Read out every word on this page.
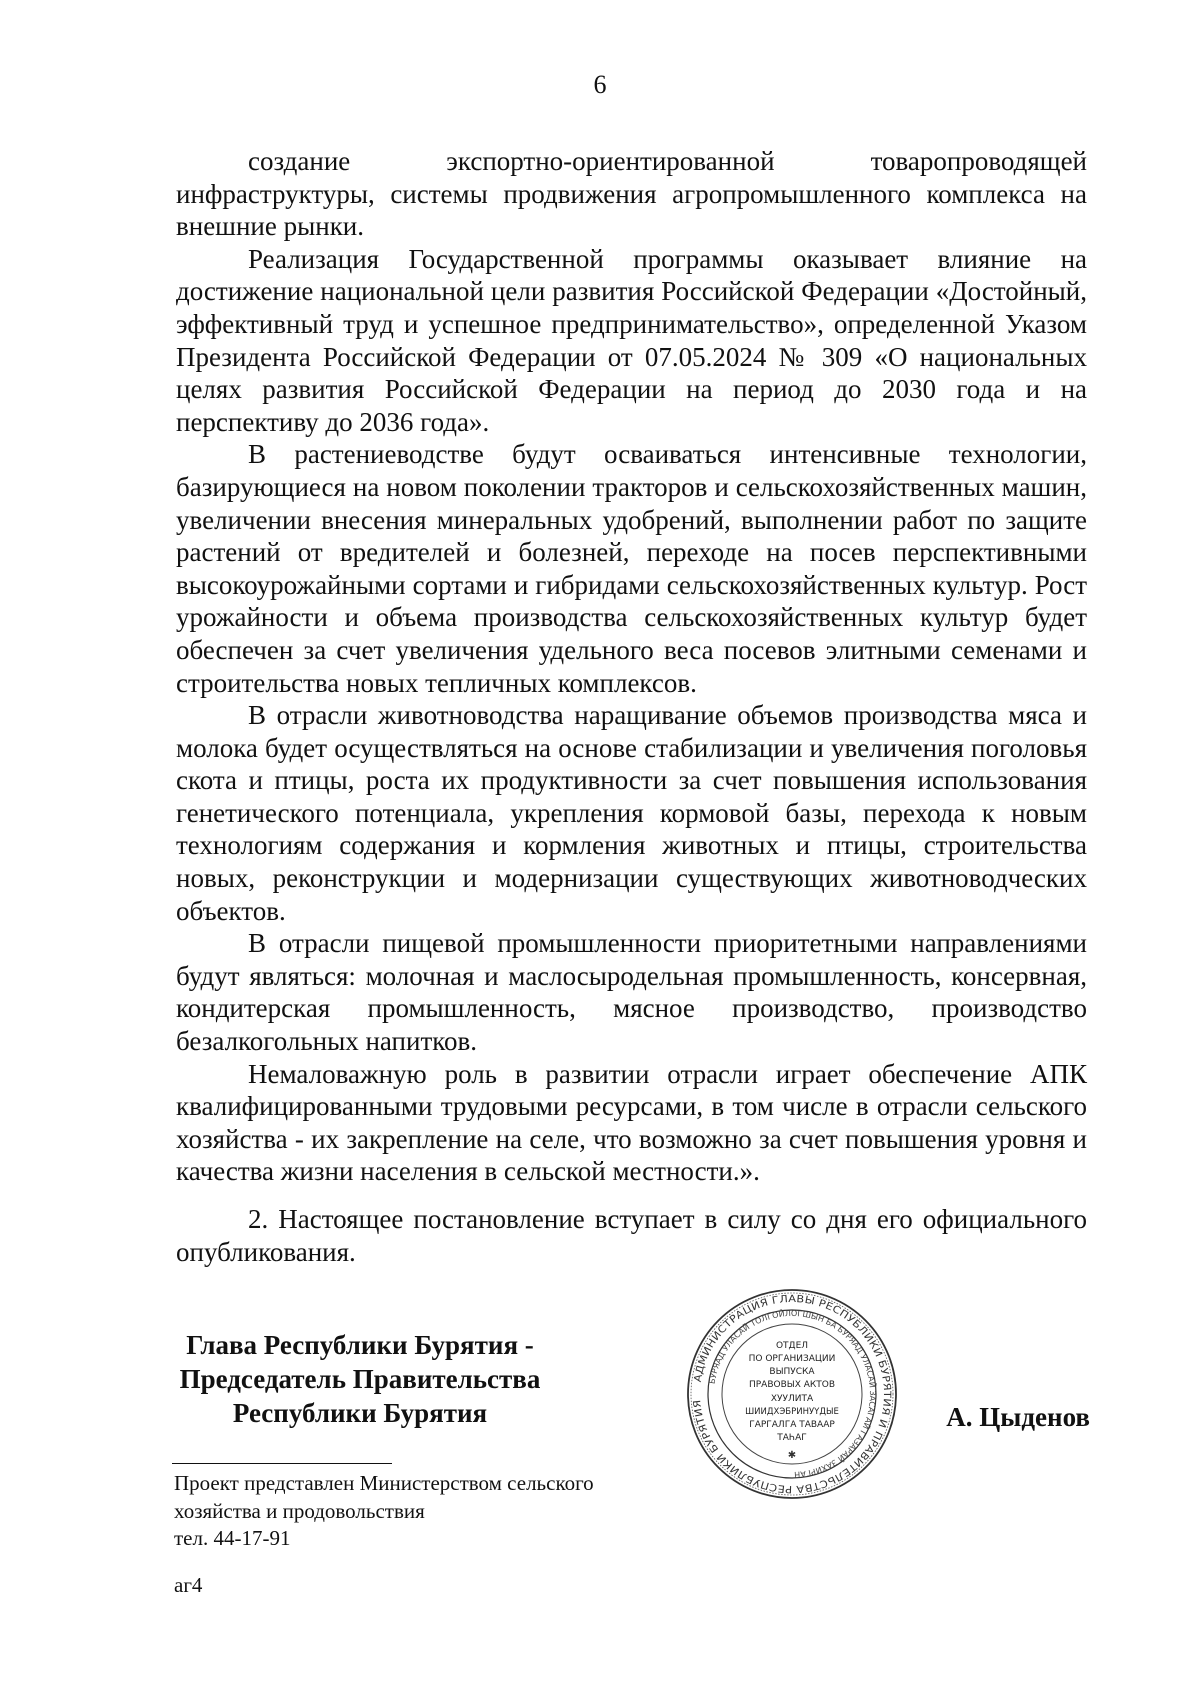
6

создание экспортно-ориентированной товаропроводящей инфраструктуры, системы продвижения агропромышленного комплекса на внешние рынки.

Реализация Государственной программы оказывает влияние на достижение национальной цели развития Российской Федерации «Достойный, эффективный труд и успешное предпринимательство», определенной Указом Президента Российской Федерации от 07.05.2024 № 309 «О национальных целях развития Российской Федерации на период до 2030 года и на перспективу до 2036 года».

В растениеводстве будут осваиваться интенсивные технологии, базирующиеся на новом поколении тракторов и сельскохозяйственных машин, увеличении внесения минеральных удобрений, выполнении работ по защите растений от вредителей и болезней, переходе на посев перспективными высокоурожайными сортами и гибридами сельскохозяйственных культур. Рост урожайности и объема производства сельскохозяйственных культур будет обеспечен за счет увеличения удельного веса посевов элитными семенами и строительства новых тепличных комплексов.

В отрасли животноводства наращивание объемов производства мяса и молока будет осуществляться на основе стабилизации и увеличения поголовья скота и птицы, роста их продуктивности за счет повышения использования генетического потенциала, укрепления кормовой базы, перехода к новым технологиям содержания и кормления животных и птицы, строительства новых, реконструкции и модернизации существующих животноводческих объектов.

В отрасли пищевой промышленности приоритетными направлениями будут являться: молочная и маслосыродельная промышленность, консервная, кондитерская промышленность, мясное производство, производство безалкогольных напитков.

Немаловажную роль в развитии отрасли играет обеспечение АПК квалифицированными трудовыми ресурсами, в том числе в отрасли сельского хозяйства - их закрепление на селе, что возможно за счет повышения уровня и качества жизни населения в сельской местности.».

2. Настоящее постановление вступает в силу со дня его официального опубликования.

Глава Республики Бурятия -
Председатель Правительства
Республики Бурятия
АДМИНИСТРАЦИЯ ГЛАВЫ РЕСПУБЛИКИ БУРЯТИЯ И ПРАВИТЕЛЬСТВА РЕСПУБЛИКИ БУРЯТИЯ
БУРЯАД УЛАСАЙ ТОЛГОЙЛОГШЫН БА БУРЯАД УЛАСАЙ ЗАСАГАЙ ГАЗАРАЙ ЗАХИРГАН
ОТДЕЛ
ПО ОРГАНИЗАЦИИ
ВЫПУСКА
ПРАВОВЫХ АКТОВ
ХУУЛИТА
ШИИДХЭБРИНУҮДЫЕ
ГАРГАЛГА ТАВААР
ТАҺАГ
✱
А. Цыденов
Проект представлен Министерством сельского
хозяйства и продовольствия
тел. 44-17-91
аг4
